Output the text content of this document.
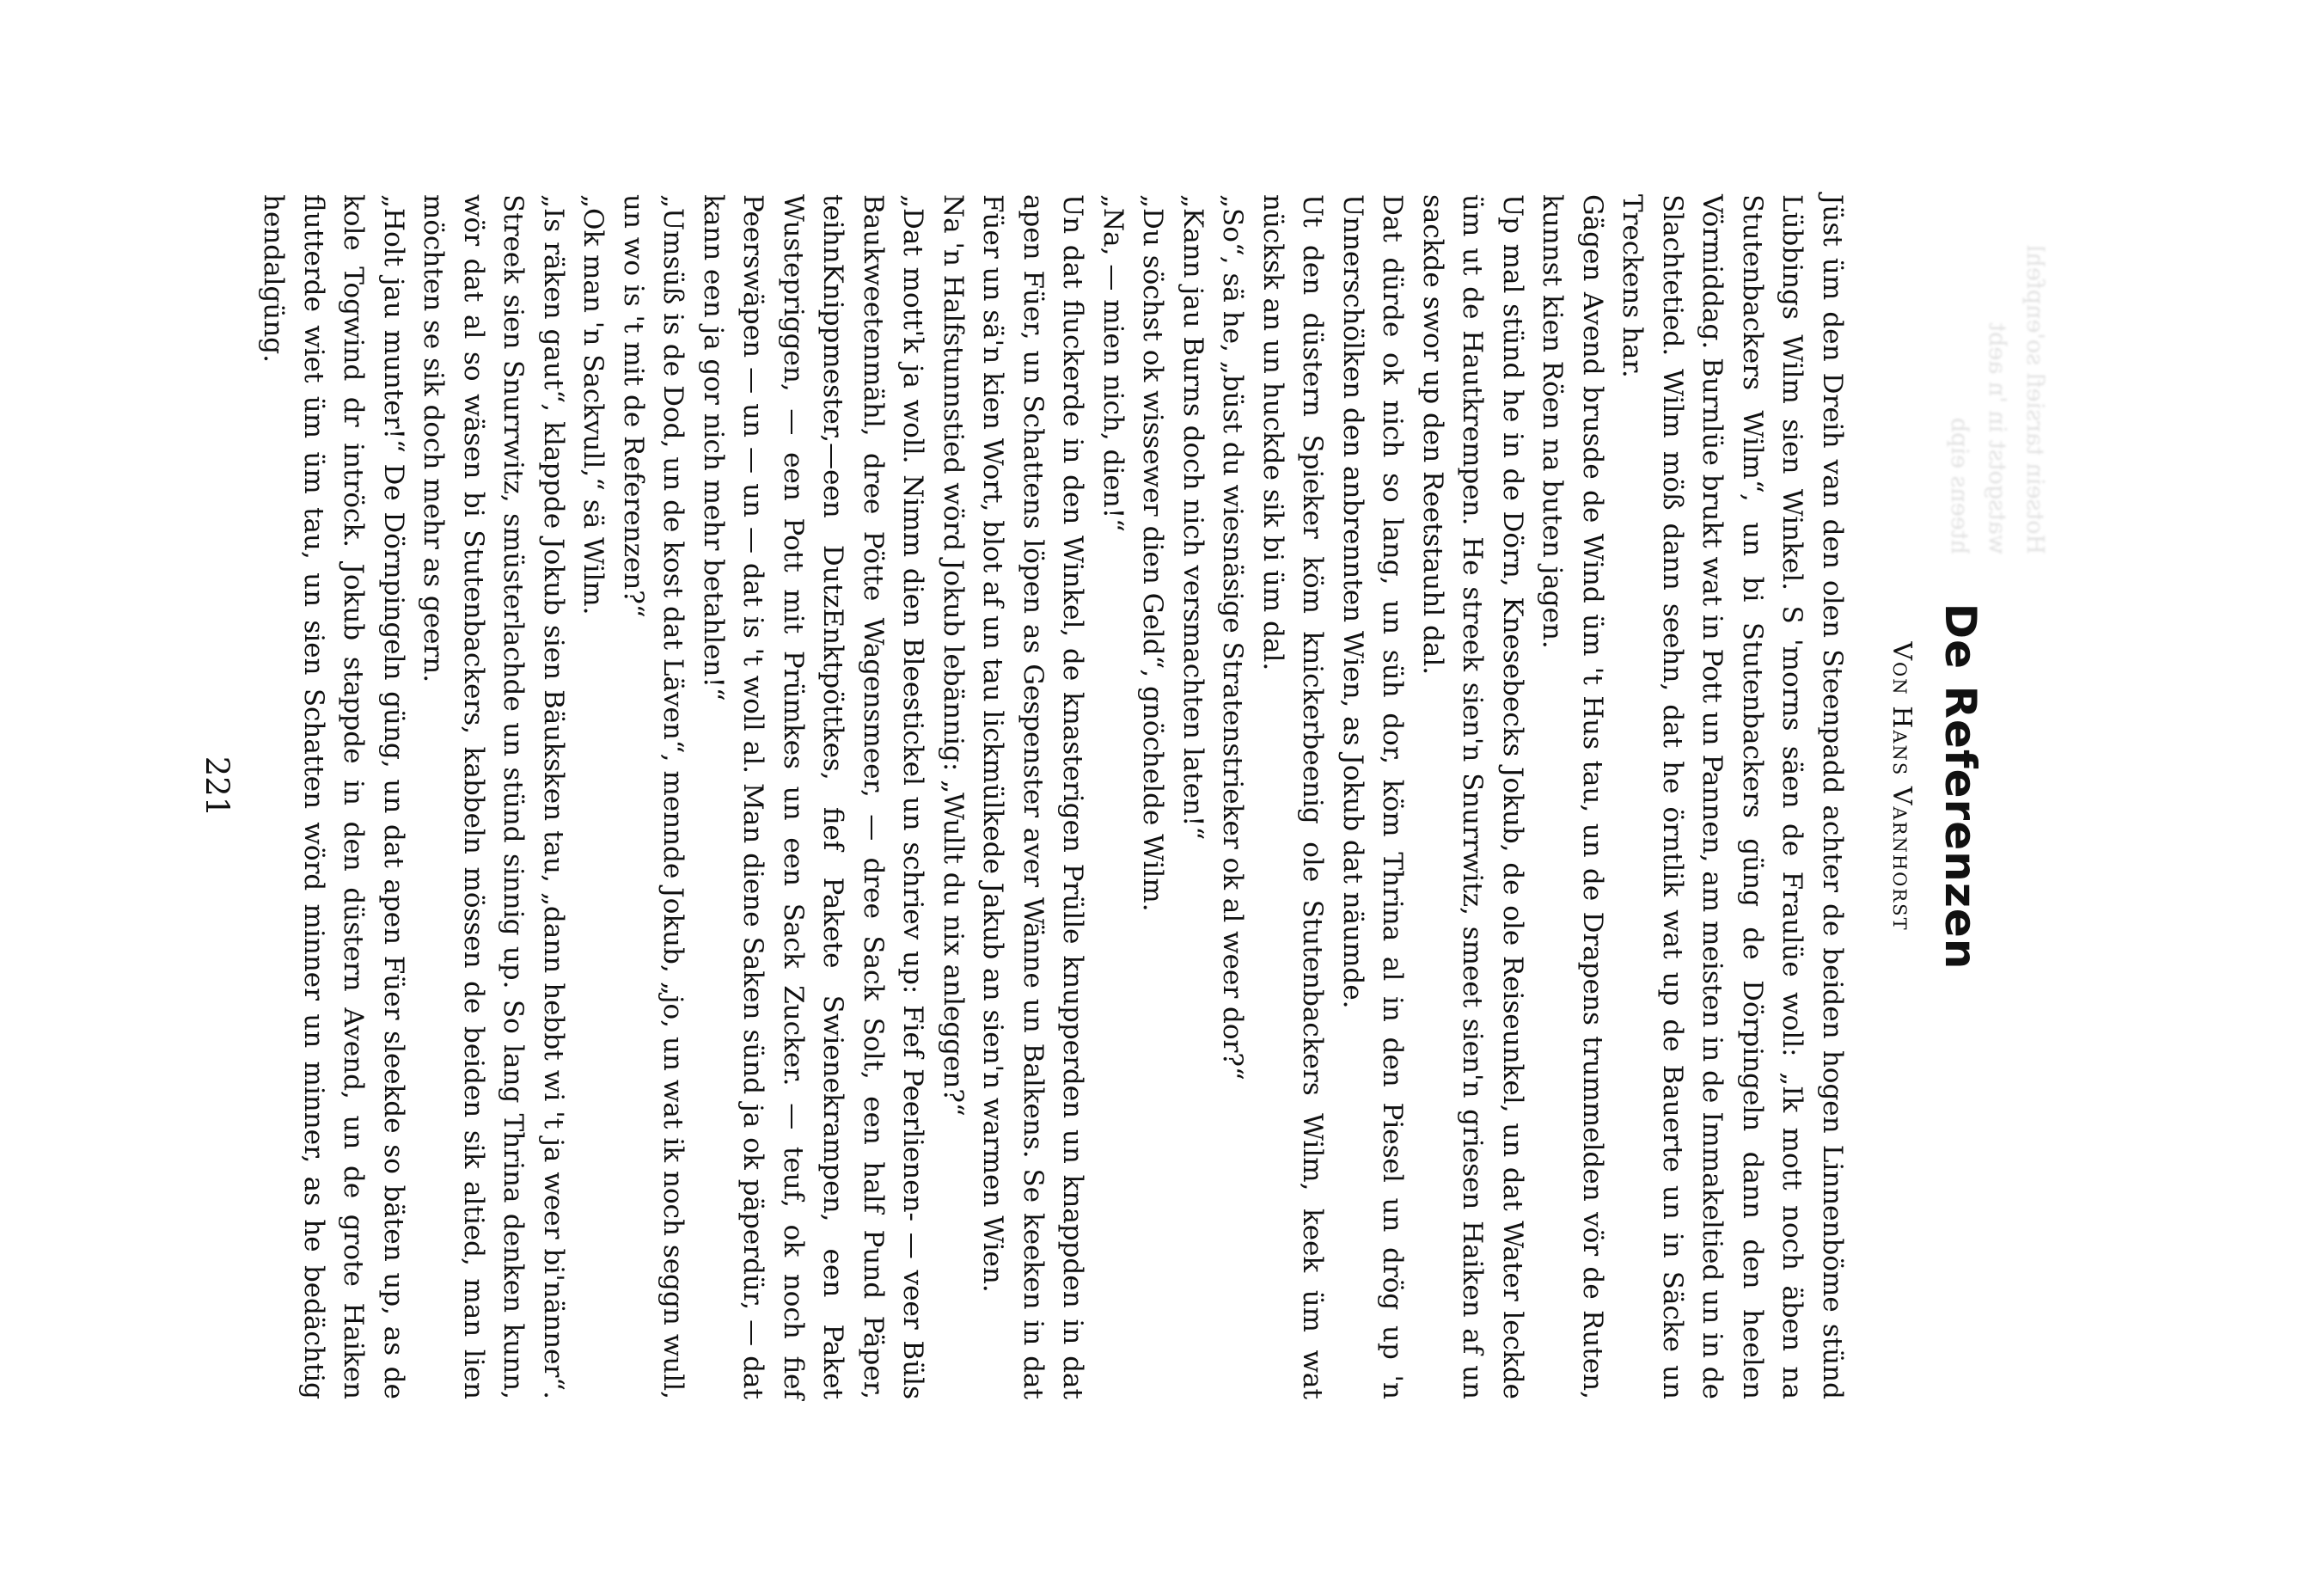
Hotsein tarsiefl so'enpfehl
watsgotst in 'n aebt
hteens eipb
De Referenzen
Von Hans Varnhorst

Jüst üm den Dreih van den olen Steenpadd achter de beiden hogen Linnenböme stünd Lübbings Wilm sien Winkel. S 'morns säen de Fraulüe woll: „Ik mott noch äben na Stutenbackers Wilm“, un bi Stutenbackers güng de Dörpingeln dann den heelen Vörmiddag. Burnlüe brukt wat in Pott un Pannen, am meisten in de Immakeltied un in de Slachtetied. Wilm möß dann seehn, dat he örntlik wat up de Bauerte un in Säcke un Treckens har.

Gägen Avend brusde de Wind üm 't Hus tau, un de Drapens trummelden vör de Ruten, kunnst kien Röen na buten jagen.

Up mal stünd he in de Dörn, Knesebecks Jokub, de ole Reiseunkel, un dat Water leckde üm ut de Hautkrempen. He streek sien'n Snurrwitz, smeet sien'n griesen Haiken af un sackde swor up den Reetstauhl dal.

Dat dürde ok nich so lang, un süh dor, köm Thrina al in den Piesel un drög up 'n Unnerschölken den anbrennten Wien, as Jokub dat näumde.

Ut den düstern Spieker köm knickerbeenig ole Stutenbackers Wilm, keek üm wat nücksk an un huckde sik bi üm dal.

„So“, sä he, „büst du wiesnäsige Stratenstrieker ok al weer dor?“

„Kann jau Burns doch nich versmachten laten!“

„Du söchst ok wissewег dien Geld“, gnöchelde Wilm.

„Na, — mien nich, dien!“

Un dat fluckerde in den Winkel, de knasterigen Prülle knupperden un knappden in dat apen Füer, un Schattens löpen as Gespenster aver Wänne un Balkens. Se keeken in dat Füer un sä'n kien Wort, blot af un tau lickmülkede Jakub an sien'n warmen Wien.

Na 'n Halfstunnstied wörd Jokub lebännig: „Wullt du nix anleggen?“

„Dat mott'k ja woll. Nimm dien Bleestickel un schriev up: Fief Peerlienen- — veer Büls Baukweetenmähl, dree Pötte Wagensmeer, — dree Sack Solt, een half Pund Päper, teihnKnippmester,—een DutzEnktpöttkes, fief Pakete Swienekrampen, een Paket Wustepriggen, — een Pott mit Prümkes un een Sack Zucker. — teuf, ok noch fief Peerswäpen — un — un — dat is 't woll al. Man diene Saken sünd ja ok päperdür, — dat kann een ja gor nich mehr betahlen!“

„Umsüß is de Dod, un de kost dat Läven“, mennde Jokub, „jo, un wat ik noch seggn wull, un wo is 't mit de Referenzen?“

„Ok man 'n Sackvull,“ sä Wilm.

„Is räken gaut“, klappde Jokub sien Bäuksken tau, „dann hebbt wi 't ja weer bi'nänner“. Streek sien Snurrwitz, smüsterlachde un stünd sinnig up. So lang Thrina denken kunn, wör dat al so wäsen bi Stutenbackers, kabbeln mössen de beiden sik altied, man lien möchten se sik doch mehr as geern.

„Holt jau munter!“ De Dörnpingeln güng, un dat apen Füer sleekde so bäten up, as de kole Togwind dr intröck. Jokub stappde in den düstern Avend, un de grote Haiken flutterde wiet üm üm tau, un sien Schatten wörd minner un minner, as he bedächtig hendalgüng.

221
